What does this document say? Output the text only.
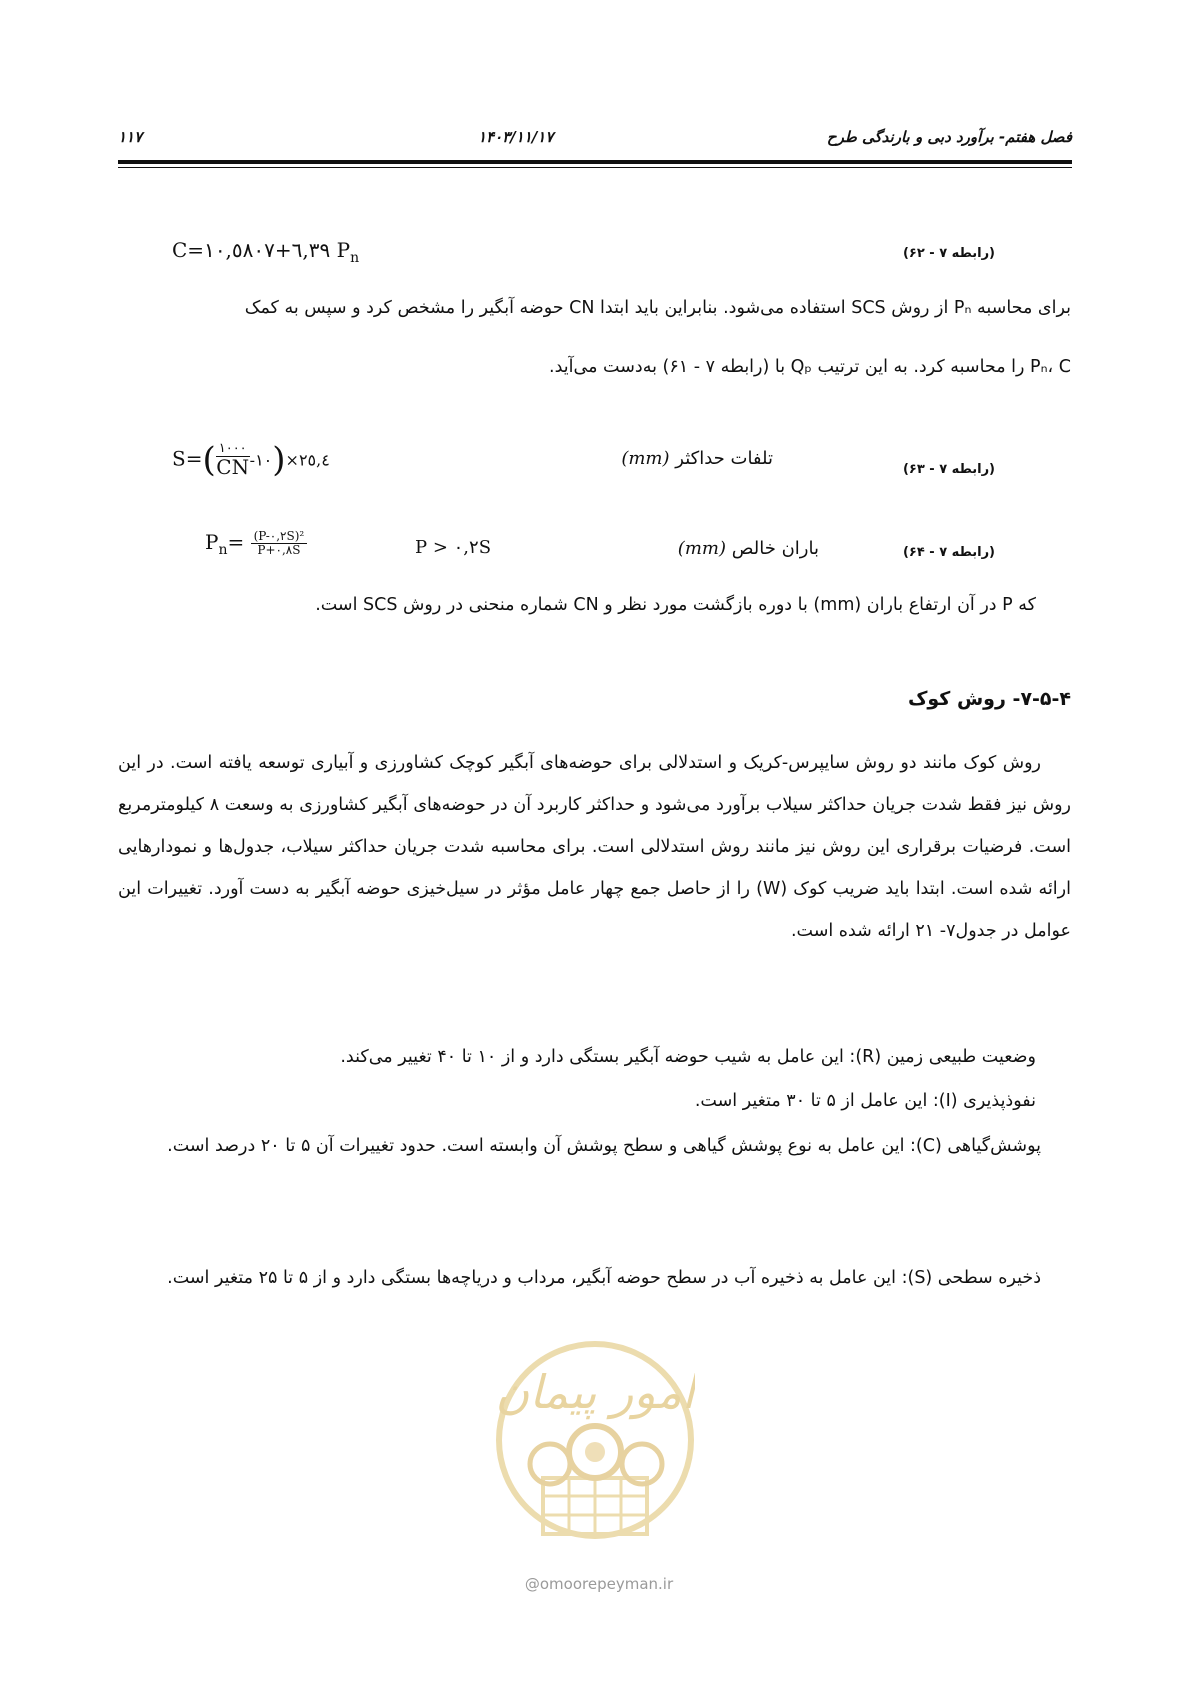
۱۱۷	۱۴۰۳/۱۱/۱۷	فصل هفتم- برآورد دبی و بارندگی طرح
C=۱٦,٣٩+٠,٥٨٠٧ $P_n$	(رابطه ۷ - ۶۲)
برای محاسبه Pₙ از روش SCS استفاده می‌شود. بنابراین باید ابتدا CN حوضه آبگیر را مشخص کرد و سپس به کمک
Pₙ، C را محاسبه کرد. به این ترتیب Qₚ با (رابطه ۷ - ۶۱) به‌دست می‌آید.
$S=( \frac{۱۰۰۰}{CN}$ -۱۰)×۲٥,٤	تلفات حداکثر (mm)
(رابطه ۷ - ۶۳)
$P_n= \frac{\text{(P-٠,٢S)²}}{P+٠,٨S}$	P > ٠,٢S	باران خالص (mm)	(رابطه ۷ - ۶۴)
که P در آن ارتفاع باران (mm) با دوره بازگشت مورد نظر و CN شماره منحنی در روش SCS است.
۷-۵-۴- روش کوک
روش کوک مانند دو روش سایپرس-کریک و استدلالی برای حوضه‌های آبگیر کوچک کشاورزی و آبیاری توسعه یافته است. در این روش نیز فقط شدت جریان حداکثر سیلاب برآورد می‌شود و حداکثر کاربرد آن در حوضه‌های آبگیر کشاورزی به وسعت ۸ کیلومترمربع است. فرضیات برقراری این روش نیز مانند روش استدلالی است. برای محاسبه شدت جریان حداکثر سیلاب، جدول‌ها و نمودارهایی ارائه شده است. ابتدا باید ضریب کوک (W) را از حاصل جمع چهار عامل مؤثر در سیل‌خیزی حوضه آبگیر به دست آورد. تغییرات این عوامل در جدول۷- ۲۱ ارائه شده است.
وضعیت طبیعی زمین (R): این عامل به شیب حوضه آبگیر بستگی دارد و از ۱۰ تا ۴۰ تغییر می‌کند.
نفوذپذیری (I): این عامل از ۵ تا ۳۰ متغیر است.
پوشش‌گیاهی (C): این عامل به نوع پوشش گیاهی و سطح پوشش آن وابسته است. حدود تغییرات آن ۵ تا ۲۰ درصد است.
ذخیره سطحی (S): این عامل به ذخیره آب در سطح حوضه آبگیر، مرداب و دریاچه‌ها بستگی دارد و از ۵ تا ۲۵ متغیر است.
امور پیمان
@omoorepeyman.ir
